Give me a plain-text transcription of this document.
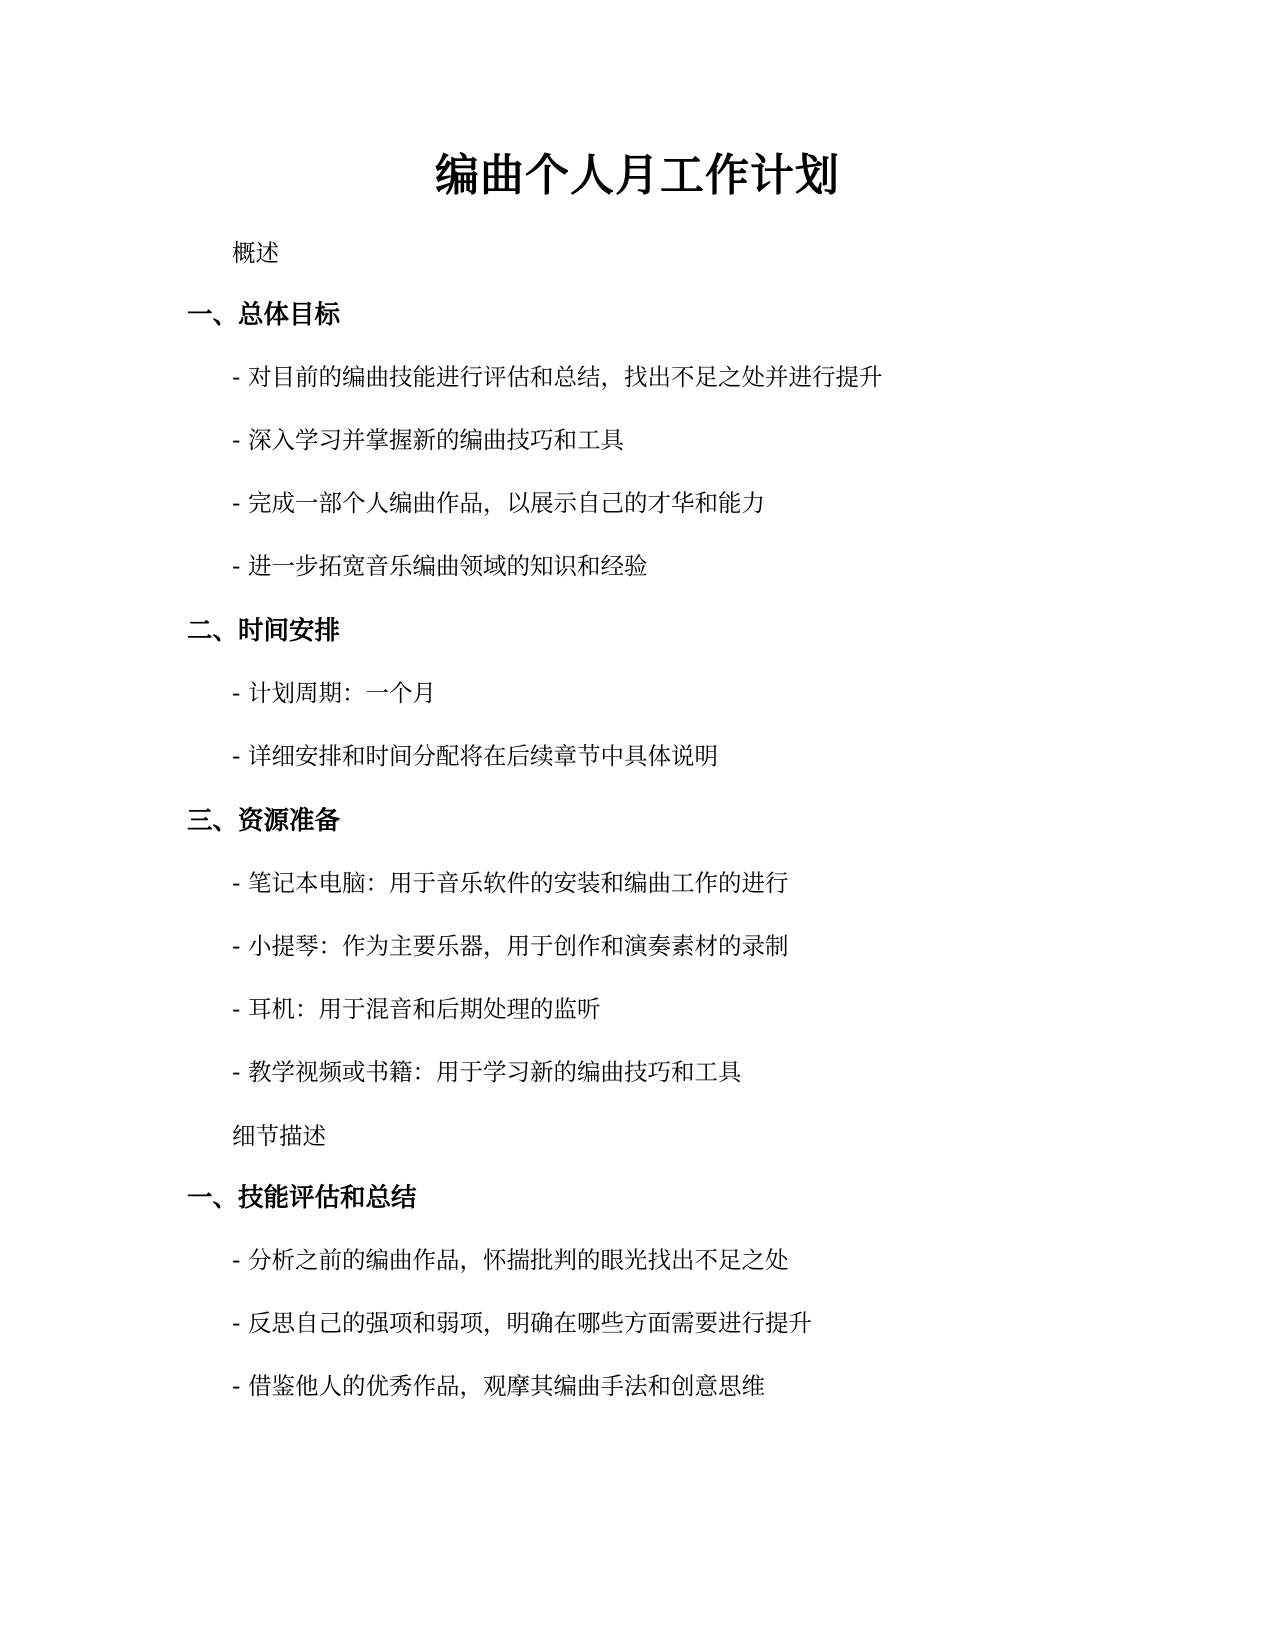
编曲个人月工作计划
概述
一、总体目标
- 对目前的编曲技能进行评估和总结，找出不足之处并进行提升
- 深入学习并掌握新的编曲技巧和工具
- 完成一部个人编曲作品，以展示自己的才华和能力
- 进一步拓宽音乐编曲领域的知识和经验
二、时间安排
- 计划周期：一个月
- 详细安排和时间分配将在后续章节中具体说明
三、资源准备
- 笔记本电脑：用于音乐软件的安装和编曲工作的进行
- 小提琴：作为主要乐器，用于创作和演奏素材的录制
- 耳机：用于混音和后期处理的监听
- 教学视频或书籍：用于学习新的编曲技巧和工具
细节描述
一、技能评估和总结
- 分析之前的编曲作品，怀揣批判的眼光找出不足之处
- 反思自己的强项和弱项，明确在哪些方面需要进行提升
- 借鉴他人的优秀作品，观摩其编曲手法和创意思维
